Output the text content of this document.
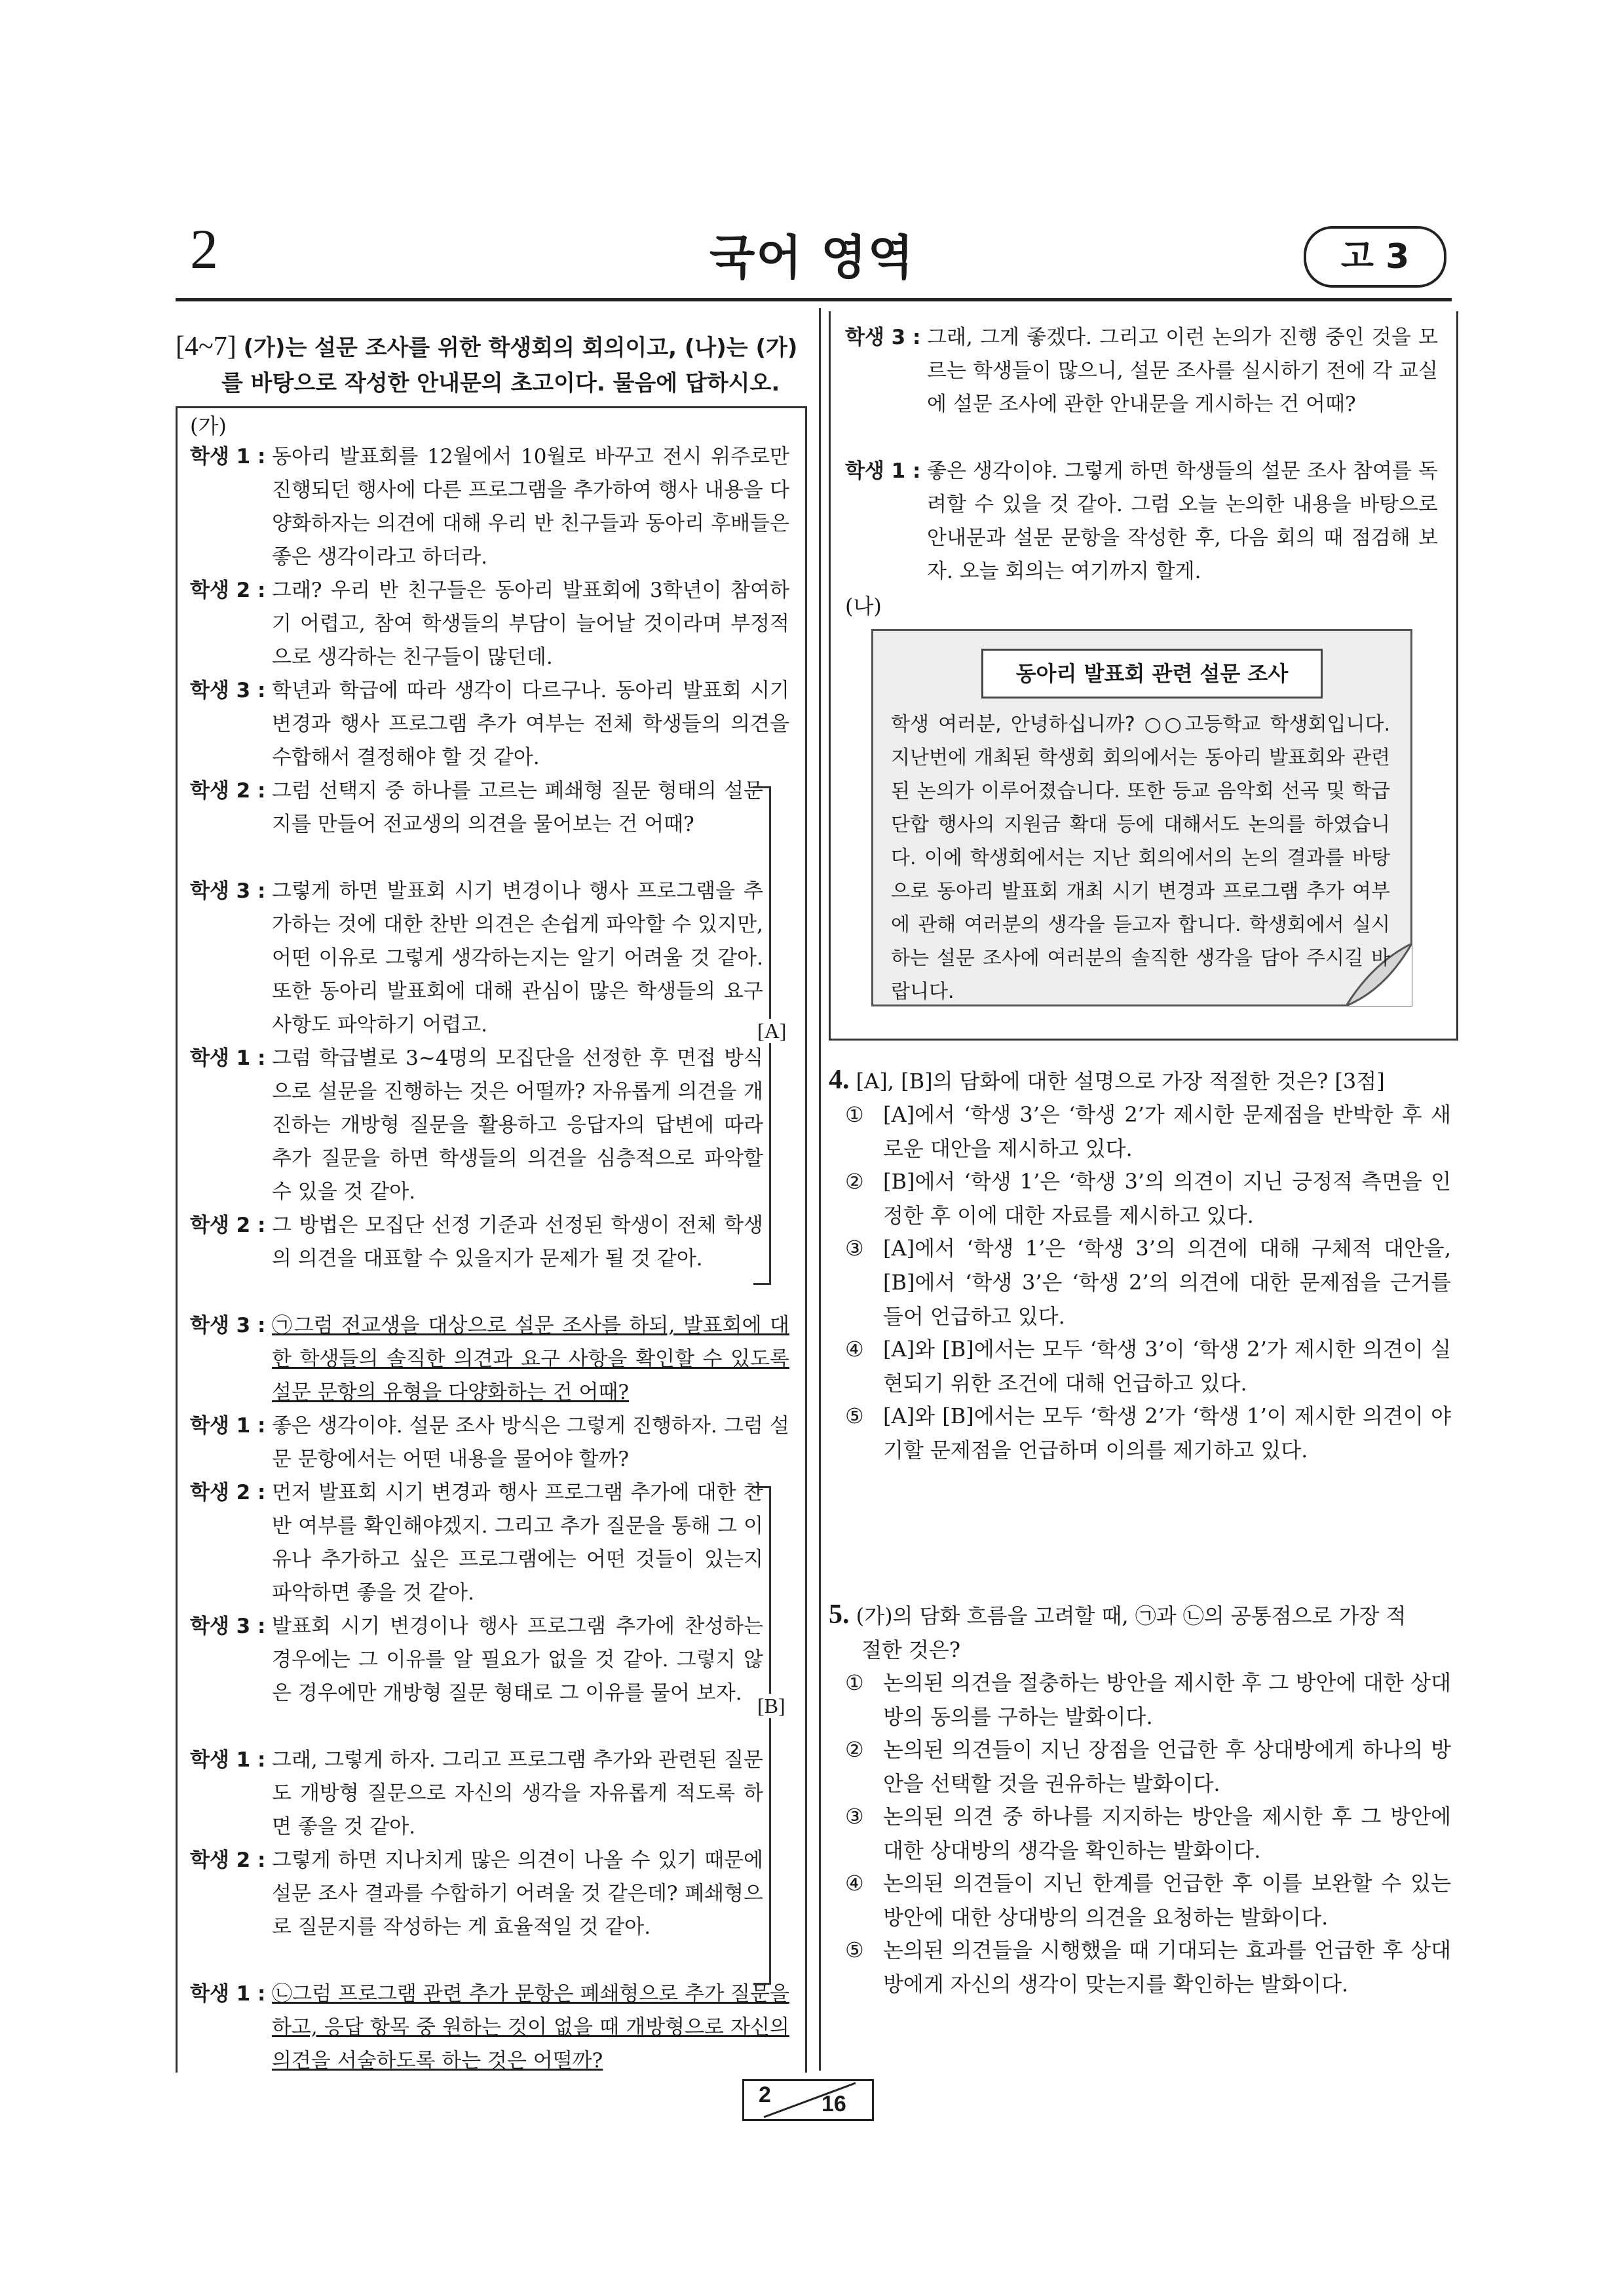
2	국어 영역	고 3
[4~7] (가)는 설문 조사를 위한 학생회의 회의이고, (나)는 (가)
를 바탕으로 작성한 안내문의 초고이다. 물음에 답하시오.
(가)
학생 1 : 동아리 발표회를 12월에서 10월로 바꾸고 전시 위주로만 진행되던 행사에 다른 프로그램을 추가하여 행사 내용을 다양화하자는 의견에 대해 우리 반 친구들과 동아리 후배들은 좋은 생각이라고 하더라.
학생 2 : 그래? 우리 반 친구들은 동아리 발표회에 3학년이 참여하기 어렵고, 참여 학생들의 부담이 늘어날 것이라며 부정적으로 생각하는 친구들이 많던데.
학생 3 : 학년과 학급에 따라 생각이 다르구나. 동아리 발표회 시기 변경과 행사 프로그램 추가 여부는 전체 학생들의 의견을 수합해서 결정해야 할 것 같아.
학생 2 : 그럼 선택지 중 하나를 고르는 폐쇄형 질문 형태의 설문지를 만들어 전교생의 의견을 물어보는 건 어때?
학생 3 : 그렇게 하면 발표회 시기 변경이나 행사 프로그램을 추가하는 것에 대한 찬반 의견은 손쉽게 파악할 수 있지만, 어떤 이유로 그렇게 생각하는지는 알기 어려울 것 같아. 또한 동아리 발표회에 대해 관심이 많은 학생들의 요구 사항도 파악하기 어렵고.
학생 1 : 그럼 학급별로 3~4명의 모집단을 선정한 후 면접 방식으로 설문을 진행하는 것은 어떨까? 자유롭게 의견을 개진하는 개방형 질문을 활용하고 응답자의 답변에 따라 추가 질문을 하면 학생들의 의견을 심층적으로 파악할 수 있을 것 같아.
학생 2 : 그 방법은 모집단 선정 기준과 선정된 학생이 전체 학생의 의견을 대표할 수 있을지가 문제가 될 것 같아.
학생 3 : ㉠그럼 전교생을 대상으로 설문 조사를 하되, 발표회에 대한 학생들의 솔직한 의견과 요구 사항을 확인할 수 있도록 설문 문항의 유형을 다양화하는 건 어때?
학생 1 : 좋은 생각이야. 설문 조사 방식은 그렇게 진행하자. 그럼 설문 문항에서는 어떤 내용을 물어야 할까?
학생 2 : 먼저 발표회 시기 변경과 행사 프로그램 추가에 대한 찬반 여부를 확인해야겠지. 그리고 추가 질문을 통해 그 이유나 추가하고 싶은 프로그램에는 어떤 것들이 있는지 파악하면 좋을 것 같아.
학생 3 : 발표회 시기 변경이나 행사 프로그램 추가에 찬성하는 경우에는 그 이유를 알 필요가 없을 것 같아. 그렇지 않은 경우에만 개방형 질문 형태로 그 이유를 물어 보자.
학생 1 : 그래, 그렇게 하자. 그리고 프로그램 추가와 관련된 질문도 개방형 질문으로 자신의 생각을 자유롭게 적도록 하면 좋을 것 같아.
학생 2 : 그렇게 하면 지나치게 많은 의견이 나올 수 있기 때문에 설문 조사 결과를 수합하기 어려울 것 같은데? 폐쇄형으로 질문지를 작성하는 게 효율적일 것 같아.
학생 1 : ㉡그럼 프로그램 관련 추가 문항은 폐쇄형으로 추가 질문을 하고, 응답 항목 중 원하는 것이 없을 때 개방형으로 자신의 의견을 서술하도록 하는 것은 어떨까?
[A]
[B]
학생 3 : 그래, 그게 좋겠다. 그리고 이런 논의가 진행 중인 것을 모르는 학생들이 많으니, 설문 조사를 실시하기 전에 각 교실에 설문 조사에 관한 안내문을 게시하는 건 어때?
학생 1 : 좋은 생각이야. 그렇게 하면 학생들의 설문 조사 참여를 독려할 수 있을 것 같아. 그럼 오늘 논의한 내용을 바탕으로 안내문과 설문 문항을 작성한 후, 다음 회의 때 점검해 보자. 오늘 회의는 여기까지 할게.
(나)
동아리 발표회 관련 설문 조사
학생 여러분, 안녕하십니까? ○○고등학교 학생회입니다. 지난번에 개최된 학생회 회의에서는 동아리 발표회와 관련된 논의가 이루어졌습니다. 또한 등교 음악회 선곡 및 학급 단합 행사의 지원금 확대 등에 대해서도 논의를 하였습니다. 이에 학생회에서는 지난 회의에서의 논의 결과를 바탕으로 동아리 발표회 개최 시기 변경과 프로그램 추가 여부에 관해 여러분의 생각을 듣고자 합니다. 학생회에서 실시하는 설문 조사에 여러분의 솔직한 생각을 담아 주시길 바랍니다.
4. [A], [B]의 담화에 대한 설명으로 가장 적절한 것은? [3점]
① [A]에서 ‘학생 3’은 ‘학생 2’가 제시한 문제점을 반박한 후 새로운 대안을 제시하고 있다.
② [B]에서 ‘학생 1’은 ‘학생 3’의 의견이 지닌 긍정적 측면을 인정한 후 이에 대한 자료를 제시하고 있다.
③ [A]에서 ‘학생 1’은 ‘학생 3’의 의견에 대해 구체적 대안을, [B]에서 ‘학생 3’은 ‘학생 2’의 의견에 대한 문제점을 근거를 들어 언급하고 있다.
④ [A]와 [B]에서는 모두 ‘학생 3’이 ‘학생 2’가 제시한 의견이 실현되기 위한 조건에 대해 언급하고 있다.
⑤ [A]와 [B]에서는 모두 ‘학생 2’가 ‘학생 1’이 제시한 의견이 야기할 문제점을 언급하며 이의를 제기하고 있다.
5. (가)의 담화 흐름을 고려할 때, ㉠과 ㉡의 공통점으로 가장 적
절한 것은?
① 논의된 의견을 절충하는 방안을 제시한 후 그 방안에 대한 상대방의 동의를 구하는 발화이다.
② 논의된 의견들이 지닌 장점을 언급한 후 상대방에게 하나의 방안을 선택할 것을 권유하는 발화이다.
③ 논의된 의견 중 하나를 지지하는 방안을 제시한 후 그 방안에 대한 상대방의 생각을 확인하는 발화이다.
④ 논의된 의견들이 지닌 한계를 언급한 후 이를 보완할 수 있는 방안에 대한 상대방의 의견을 요청하는 발화이다.
⑤ 논의된 의견들을 시행했을 때 기대되는 효과를 언급한 후 상대방에게 자신의 생각이 맞는지를 확인하는 발화이다.
2 16
